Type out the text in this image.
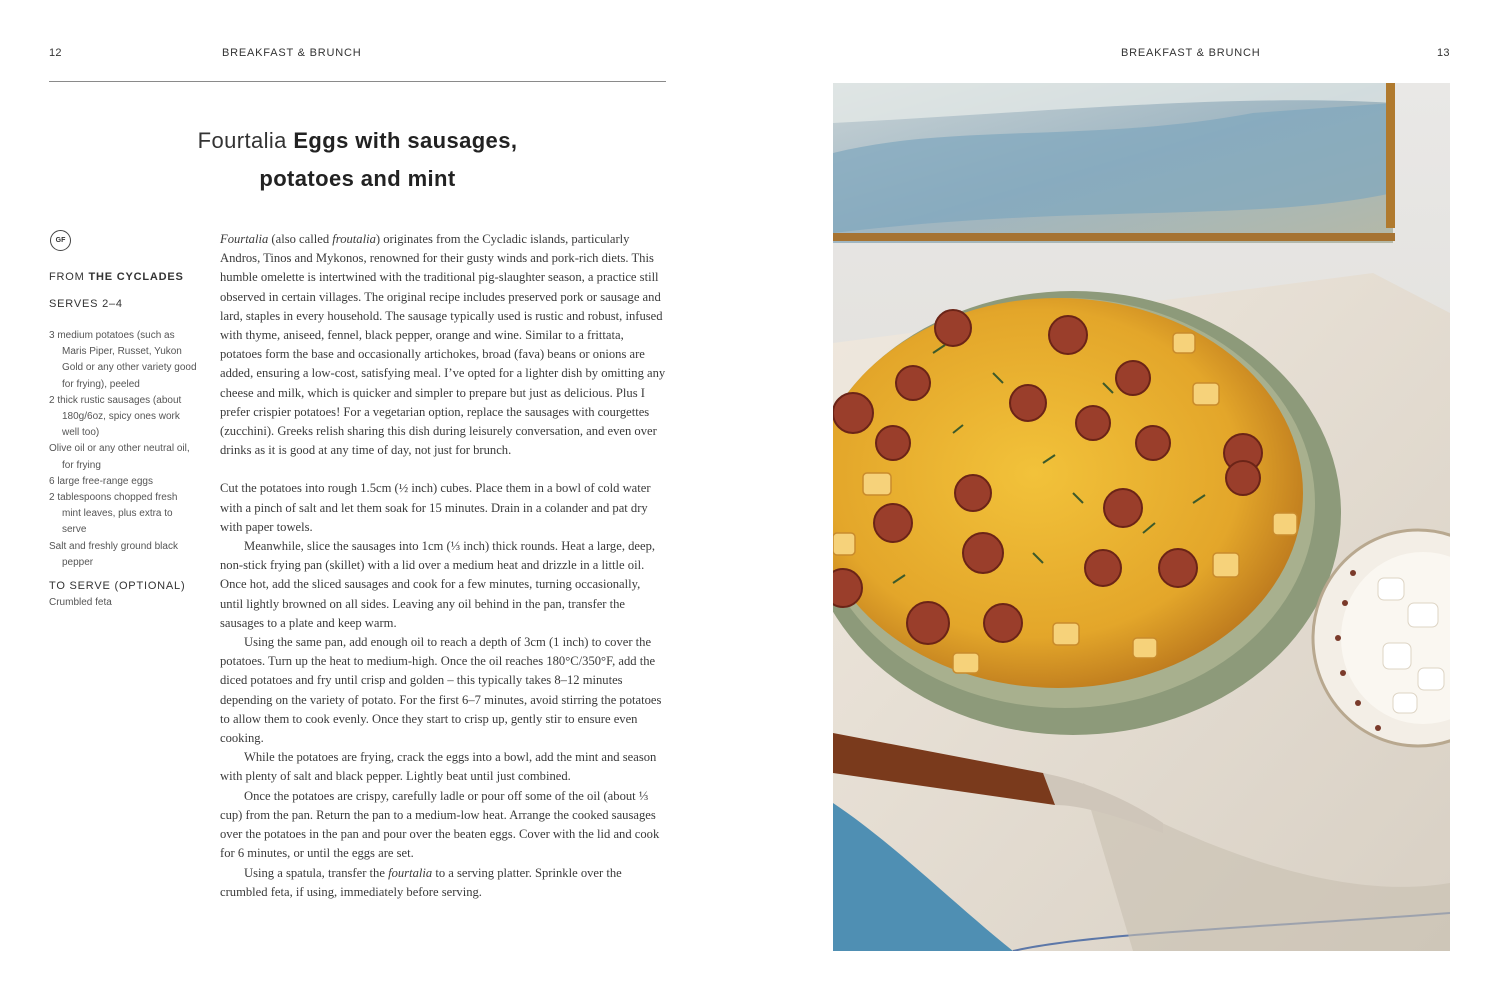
12	BREAKFAST & BRUNCH	BREAKFAST & BRUNCH	13
Fourtalia Eggs with sausages,
potatoes and mint
GF
FROM THE CYCLADES
SERVES 2–4
3 medium potatoes (such as Maris Piper, Russet, Yukon Gold or any other variety good for frying), peeled
2 thick rustic sausages (about 180g/6oz, spicy ones work well too)
Olive oil or any other neutral oil, for frying
6 large free-range eggs
2 tablespoons chopped fresh mint leaves, plus extra to serve
Salt and freshly ground black pepper
TO SERVE (OPTIONAL)
Crumbled feta

Fourtalia (also called froutalia) originates from the Cycladic islands, particularly Andros, Tinos and Mykonos, renowned for their gusty winds and pork-rich diets. This humble omelette is intertwined with the traditional pig-slaughter season, a practice still observed in certain villages. The original recipe includes preserved pork or sausage and lard, staples in every household. The sausage typically used is rustic and robust, infused with thyme, aniseed, fennel, black pepper, orange and wine. Similar to a frittata, potatoes form the base and occasionally artichokes, broad (fava) beans or onions are added, ensuring a low-cost, satisfying meal. I’ve opted for a lighter dish by omitting any cheese and milk, which is quicker and simpler to prepare but just as delicious. Plus I prefer crispier potatoes! For a vegetarian option, replace the sausages with courgettes (zucchini). Greeks relish sharing this dish during leisurely conversation, and even over drinks as it is good at any time of day, not just for brunch.

Cut the potatoes into rough 1.5cm (½ inch) cubes. Place them in a bowl of cold water with a pinch of salt and let them soak for 15 minutes. Drain in a colander and pat dry with paper towels.

Meanwhile, slice the sausages into 1cm (⅓ inch) thick rounds. Heat a large, deep, non-stick frying pan (skillet) with a lid over a medium heat and drizzle in a little oil. Once hot, add the sliced sausages and cook for a few minutes, turning occasionally, until lightly browned on all sides. Leaving any oil behind in the pan, transfer the sausages to a plate and keep warm.

Using the same pan, add enough oil to reach a depth of 3cm (1 inch) to cover the potatoes. Turn up the heat to medium-high. Once the oil reaches 180°C/350°F, add the diced potatoes and fry until crisp and golden – this typically takes 8–12 minutes depending on the variety of potato. For the first 6–7 minutes, avoid stirring the potatoes to allow them to cook evenly. Once they start to crisp up, gently stir to ensure even cooking.

While the potatoes are frying, crack the eggs into a bowl, add the mint and season with plenty of salt and black pepper. Lightly beat until just combined.

Once the potatoes are crispy, carefully ladle or pour off some of the oil (about ⅓ cup) from the pan. Return the pan to a medium-low heat. Arrange the cooked sausages over the potatoes in the pan and pour over the beaten eggs. Cover with the lid and cook for 6 minutes, or until the eggs are set.

Using a spatula, transfer the fourtalia to a serving platter. Sprinkle over the crumbled feta, if using, immediately before serving.
